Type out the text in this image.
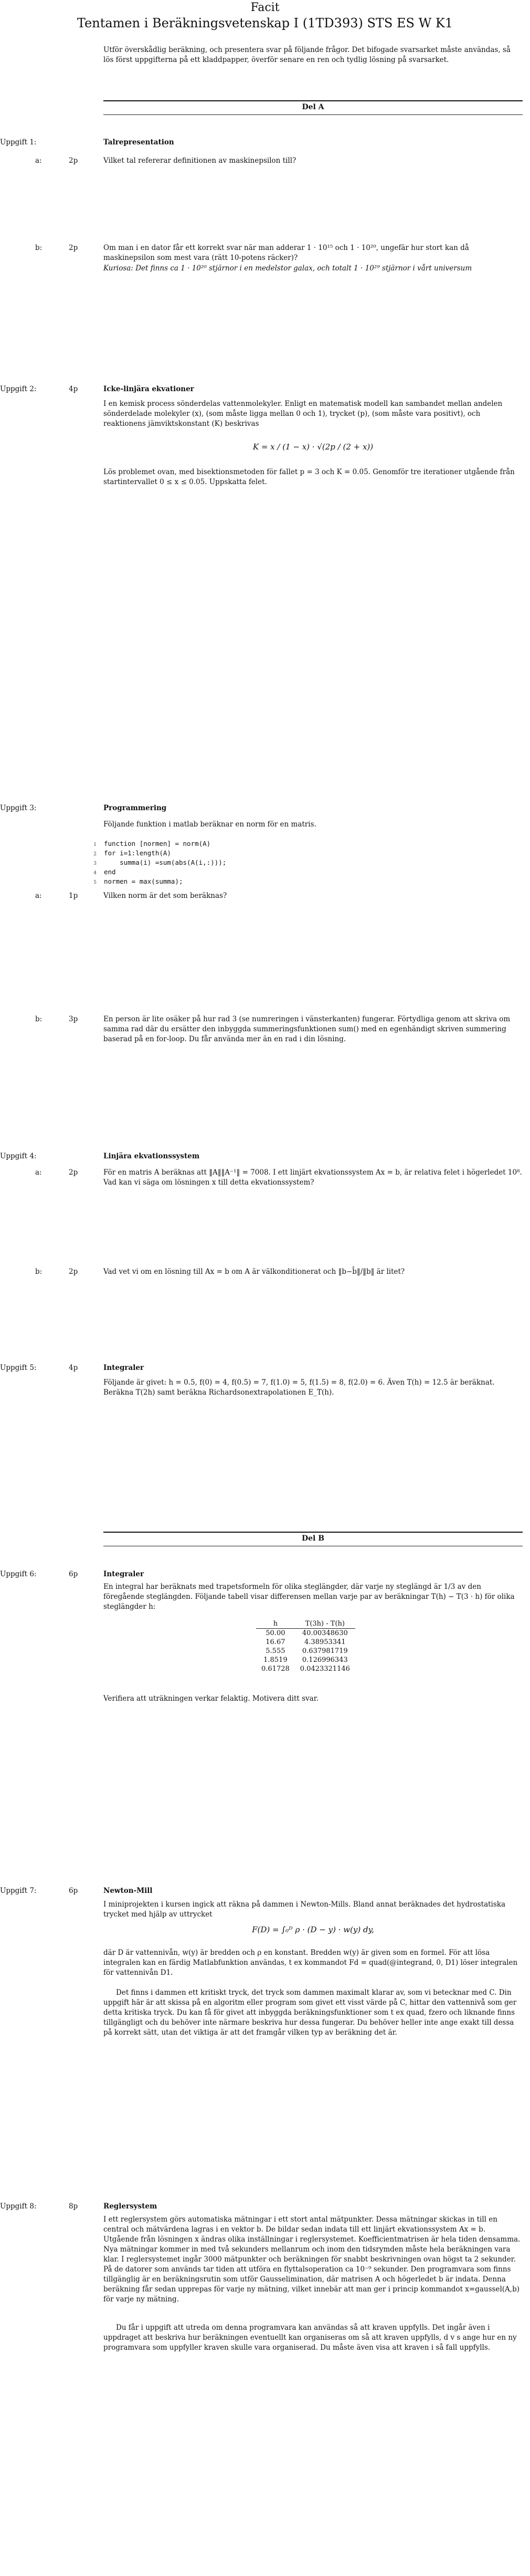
Facit
Tentamen i Beräkningsvetenskap I (1TD393) STS ES W K1
Utför överskådlig beräkning, och presentera svar på följande frågor. Det bifogade svarsarket måste användas, så lös först uppgifterna på ett kladdpapper, överför senare en ren och tydlig lösning på svarsarket.
Del A
Uppgift 1:	Talrepresentation
a:	2p	Vilket tal refererar definitionen av maskinepsilon till?
b:	2p	Om man i en dator får ett korrekt svar när man adderar 1 · 10¹⁵ och 1 · 10²⁰, ungefär hur stort kan då maskinepsilon som mest vara (rätt 10-potens räcker)?
Kuriosa: Det finns ca 1 · 10²⁰ stjärnor i en medelstor galax, och totalt 1 · 10²⁹ stjärnor i vårt universum
Uppgift 2:	4p	Icke-linjära ekvationer
I en kemisk process sönderdelas vattenmolekyler. Enligt en matematisk modell kan sambandet mellan andelen sönderdelade molekyler (x), (som måste ligga mellan 0 och 1), trycket (p), (som måste vara positivt), och reaktionens jämviktskonstant (K) beskrivas
K = x / (1 − x) · √(2p / (2 + x))
Lös problemet ovan, med bisektionsmetoden för fallet p = 3 och K = 0.05. Genomför tre iterationer utgående från startintervallet 0 ≤ x ≤ 0.05. Uppskatta felet.
Uppgift 3:	Programmering
Följande funktion i matlab beräknar en norm för en matris.
1 function [normen] = norm(A)
2 for i=1:length(A)
3    summa(i) =sum(abs(A(i,:)));
4 end
5 normen = max(summa);
a:	1p	Vilken norm är det som beräknas?
b:	3p	En person är lite osäker på hur rad 3 (se numreringen i vänsterkanten) fungerar. Förtydliga genom att skriva om samma rad där du ersätter den inbyggda summeringsfunktionen sum() med en egenhändigt skriven summering baserad på en for-loop. Du får använda mer än en rad i din lösning.
Uppgift 4:	Linjära ekvationssystem
a:	2p	För en matris A beräknas att ‖A‖‖A⁻¹‖ = 7008. I ett linjärt ekvationssystem Ax = b, är relativa felet i högerledet 10⁸. Vad kan vi säga om lösningen x till detta ekvationssystem?
b:	2p	Vad vet vi om en lösning till Ax = b om A är välkonditionerat och ‖b−b̂‖/‖b‖ är litet?
Uppgift 5:	4p	Integraler
Följande är givet: h = 0.5, f(0) = 4, f(0.5) = 7, f(1.0) = 5, f(1.5) = 8, f(2.0) = 6. Även T(h) = 12.5 är beräknat. Beräkna T(2h) samt beräkna Richardsonextrapolationen E_T(h).
Del B
Uppgift 6:	6p	Integraler
En integral har beräknats med trapetsformeln för olika steglängder, där varje ny steglängd är 1/3 av den föregående steglängden. Följande tabell visar differensen mellan varje par av beräkningar T(h) − T(3 · h) för olika steglängder h:
h	T(3h) - T(h)
50.00	40.00348630
16.67	4.38953341
5.555	0.637981719
1.8519	0.126996343
0.61728	0.0423321146
Verifiera att uträkningen verkar felaktig. Motivera ditt svar.
Uppgift 7:	6p	Newton-Mill
I miniprojekten i kursen ingick att räkna på dammen i Newton-Mills. Bland annat beräknades det hydrostatiska trycket med hjälp av uttrycket
F(D) = ∫₀ᴰ ρ · (D − y) · w(y) dy,
där D är vattennivån, w(y) är bredden och ρ en konstant. Bredden w(y) är given som en formel. För att lösa integralen kan en färdig Matlabfunktion användas, t ex kommandot Fd = quad(@integrand, 0, D1) löser integralen för vattennivån D1.
Det finns i dammen ett kritiskt tryck, det tryck som dammen maximalt klarar av, som vi betecknar med C. Din uppgift här är att skissa på en algoritm eller program som givet ett visst värde på C, hittar den vattennivå som ger detta kritiska tryck. Du kan få för givet att inbyggda beräkningsfunktioner som t ex quad, fzero och liknande finns tillgängligt och du behöver inte närmare beskriva hur dessa fungerar. Du behöver heller inte ange exakt till dessa på korrekt sätt, utan det viktiga är att det framgår vilken typ av beräkning det är.
Uppgift 8:	8p	Reglersystem
I ett reglersystem görs automatiska mätningar i ett stort antal mätpunkter. Dessa mätningar skickas in till en central och mätvärdena lagras i en vektor b. De bildar sedan indata till ett linjärt ekvationssystem Ax = b. Utgående från lösningen x ändras olika inställningar i reglersystemet. Koefficientmatrisen är hela tiden densamma. Nya mätningar kommer in med två sekunders mellanrum och inom den tidsrymden måste hela beräkningen vara klar. I reglersystemet ingår 3000 mätpunkter och beräkningen för snabbt beskrivningen ovan högst ta 2 sekunder. På de datorer som används tar tiden att utföra en flyttalsoperation ca 10⁻⁹ sekunder. Den programvara som finns tillgänglig är en beräkningsrutin som utför Gausselimination, där matrisen A och högerledet b är indata. Denna beräkning får sedan upprepas för varje ny mätning, vilket innebär att man ger i princip kommandot x=gaussel(A,b) för varje ny mätning.
Du får i uppgift att utreda om denna programvara kan användas så att kraven uppfylls. Det ingår även i uppdraget att beskriva hur beräkningen eventuellt kan organiseras om så att kraven uppfylls, d v s ange hur en ny programvara som uppfyller kraven skulle vara organiserad. Du måste även visa att kraven i så fall uppfylls.
